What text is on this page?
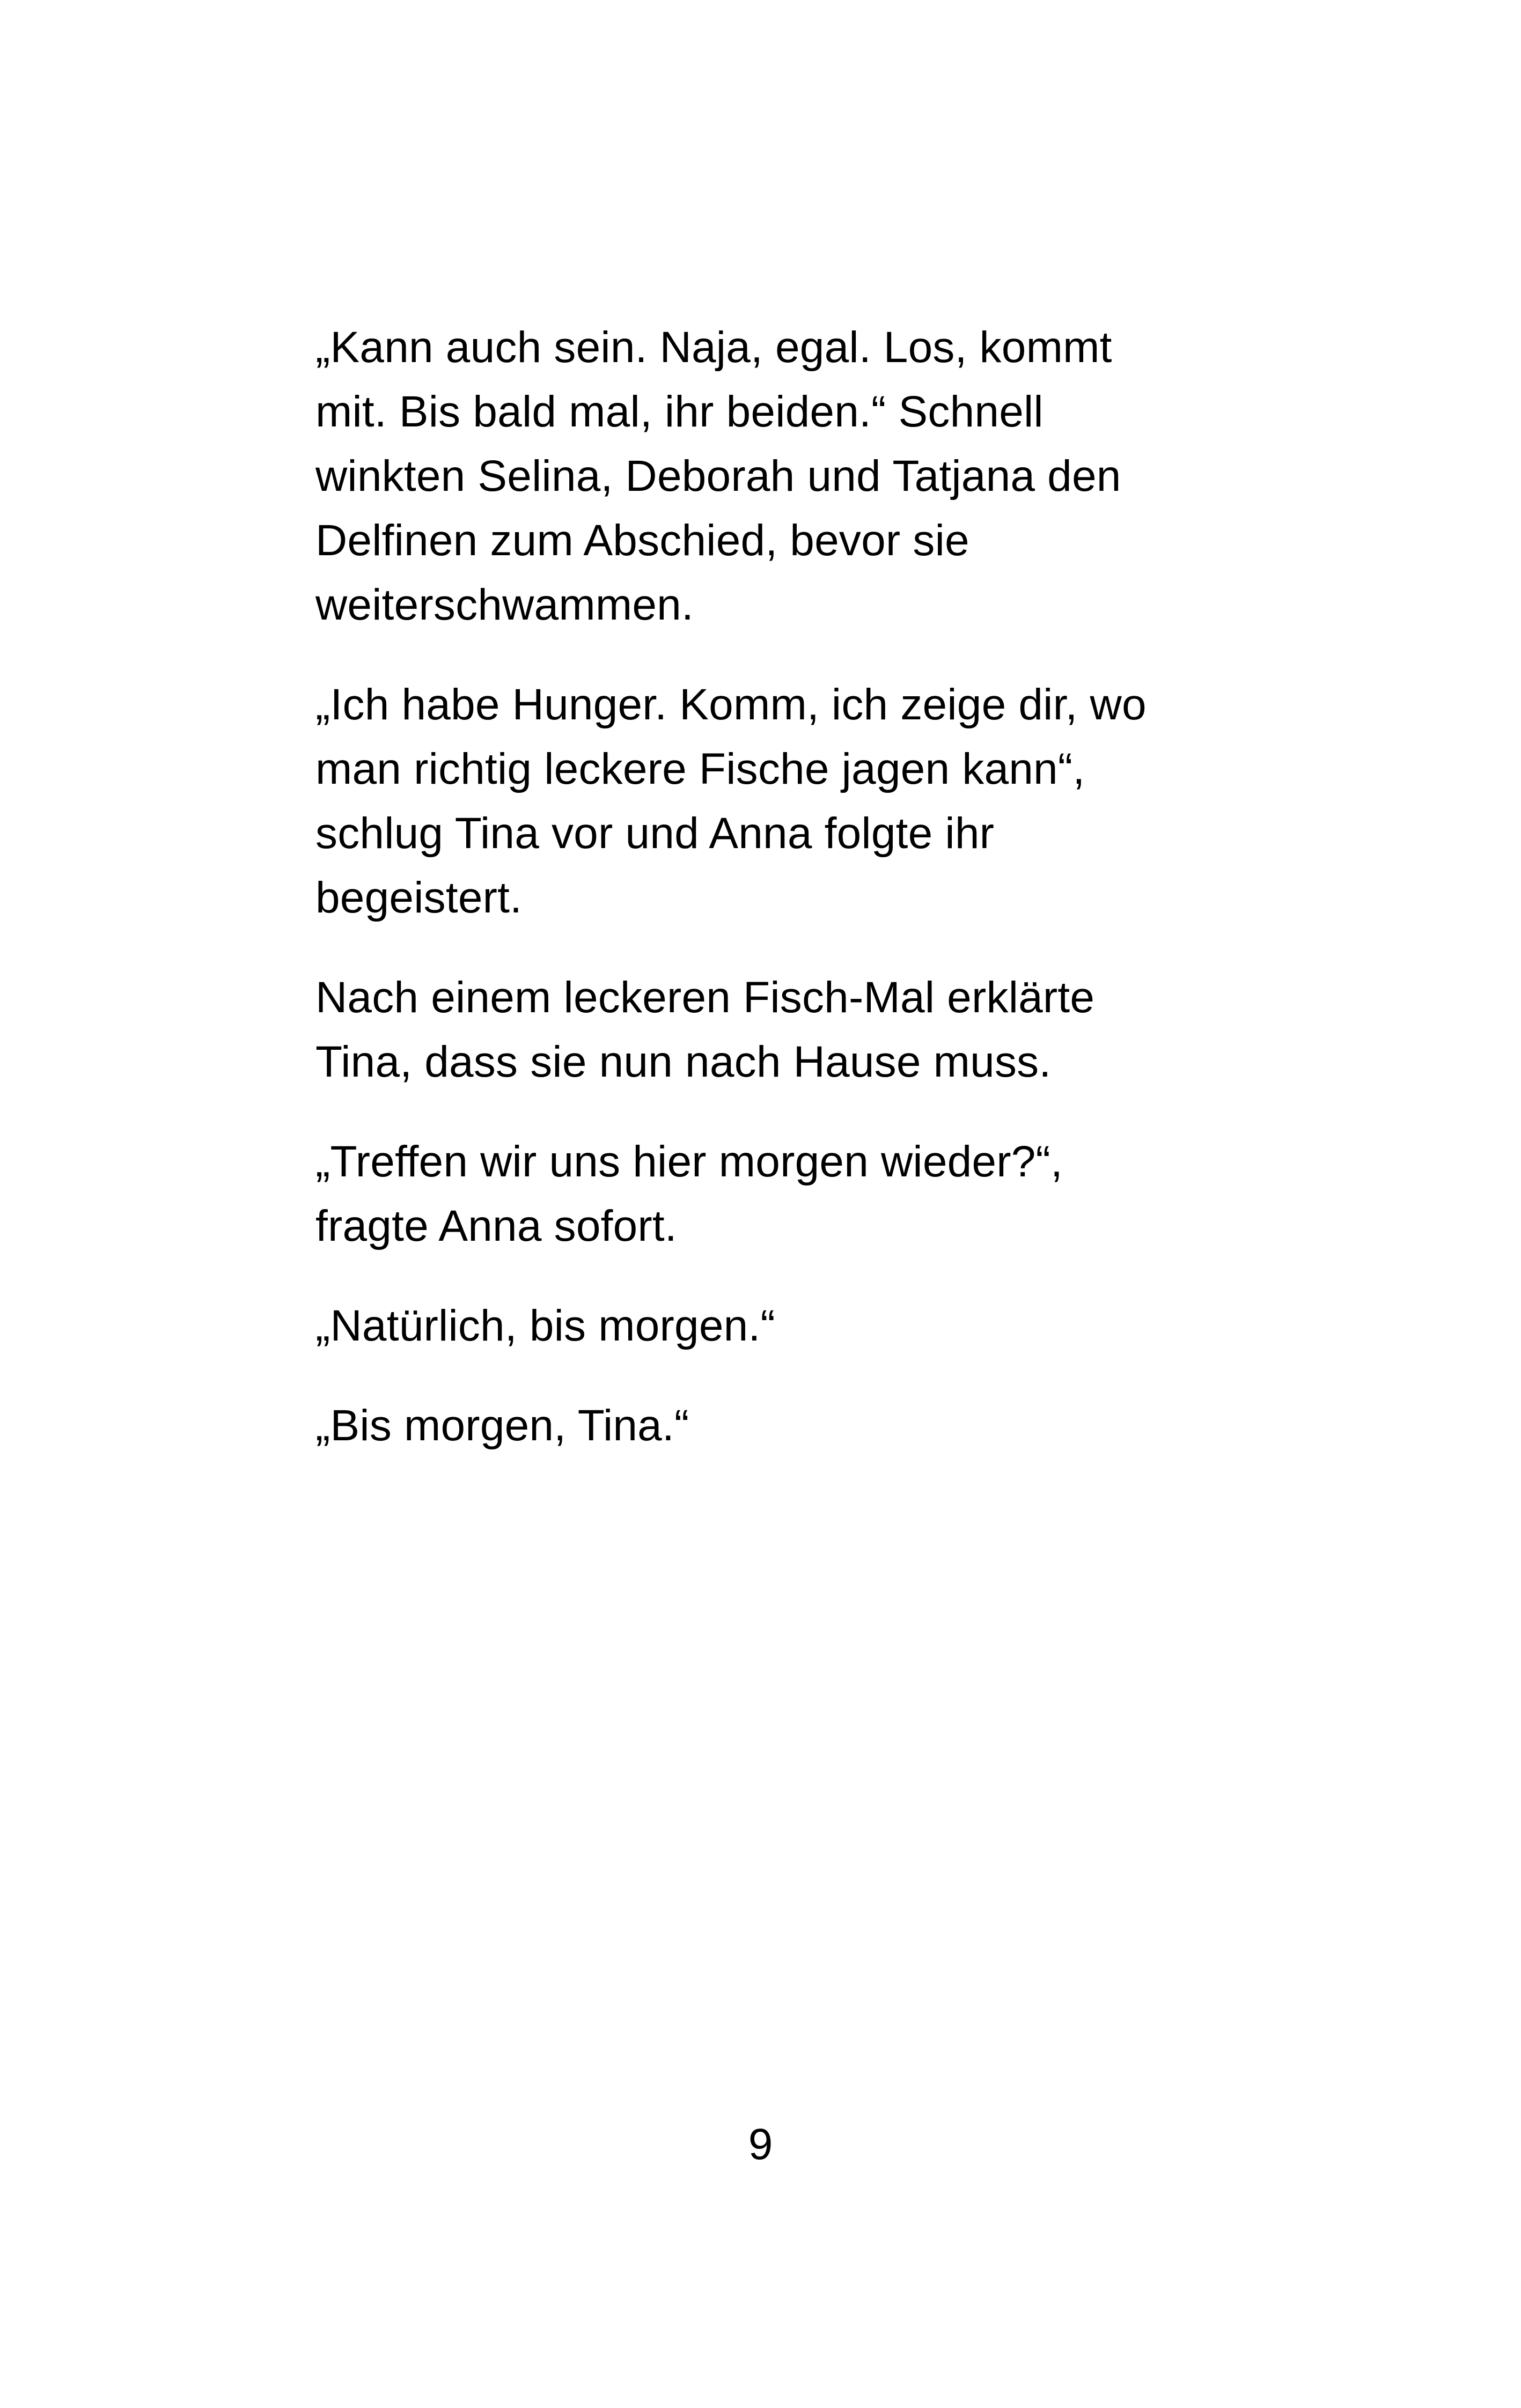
„Kann auch sein. Naja, egal. Los, kommt
mit. Bis bald mal, ihr beiden.“ Schnell
winkten Selina, Deborah und Tatjana den
Delfinen zum Abschied, bevor sie
weiterschwammen.

„Ich habe Hunger. Komm, ich zeige dir, wo
man richtig leckere Fische jagen kann“,
schlug Tina vor und Anna folgte ihr
begeistert.

Nach einem leckeren Fisch-Mal erklärte
Tina, dass sie nun nach Hause muss.

„Treffen wir uns hier morgen wieder?“,
fragte Anna sofort.

„Natürlich, bis morgen.“

„Bis morgen, Tina.“

9
